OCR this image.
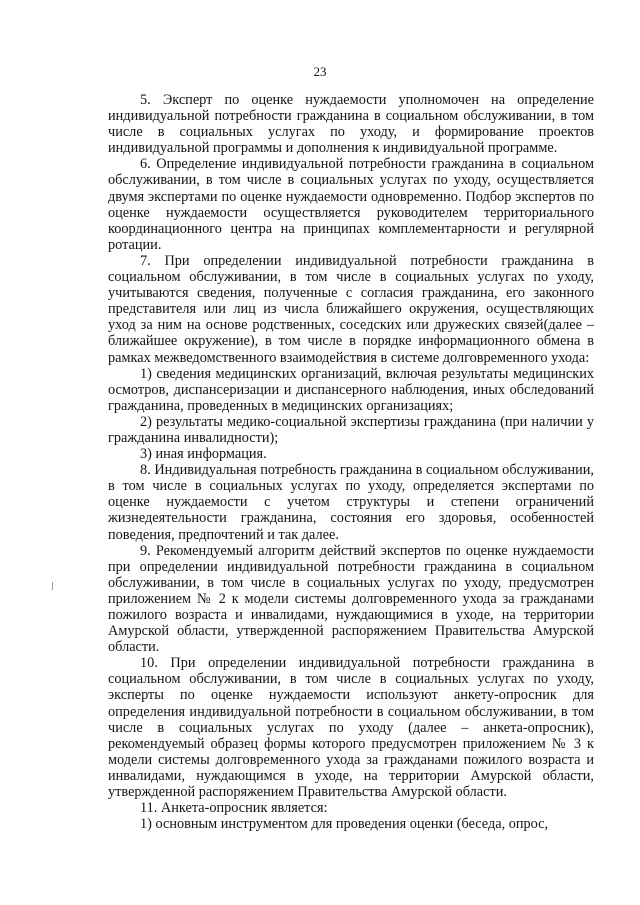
23

5. Эксперт по оценке нуждаемости уполномочен на определение индивидуальной потребности гражданина в социальном обслуживании, в том числе в социальных услугах по уходу, и формирование проектов индивидуальной программы и дополнения к индивидуальной программе.

6. Определение индивидуальной потребности гражданина в социальном обслуживании, в том числе в социальных услугах по уходу, осуществляется двумя экспертами по оценке нуждаемости одновременно. Подбор экспертов по оценке нуждаемости осуществляется руководителем территориального координационного центра на принципах комплементарности и регулярной ротации.

7. При определении индивидуальной потребности гражданина в социальном обслуживании, в том числе в социальных услугах по уходу, учитываются сведения, полученные с согласия гражданина, его законного представителя или лиц из числа ближайшего окружения, осуществляющих уход за ним на основе родственных, соседских или дружеских связей(далее – ближайшее окружение), в том числе в порядке информационного обмена в рамках межведомственного взаимодействия в системе долговременного ухода:

1) сведения медицинских организаций, включая результаты медицинских осмотров, диспансеризации и диспансерного наблюдения, иных обследований гражданина, проведенных в медицинских организациях;

2) результаты медико-социальной экспертизы гражданина (при наличии у гражданина инвалидности);

3) иная информация.

8. Индивидуальная потребность гражданина в социальном обслуживании, в том числе в социальных услугах по уходу, определяется экспертами по оценке нуждаемости с учетом структуры и степени ограничений жизнедеятельности гражданина, состояния его здоровья, особенностей поведения, предпочтений и так далее.

9. Рекомендуемый алгоритм действий экспертов по оценке нуждаемости при определении индивидуальной потребности гражданина в социальном обслуживании, в том числе в социальных услугах по уходу, предусмотрен приложением № 2 к модели системы долговременного ухода за гражданами пожилого возраста и инвалидами, нуждающимися в уходе, на территории Амурской области, утвержденной распоряжением Правительства Амурской области.

10. При определении индивидуальной потребности гражданина в социальном обслуживании, в том числе в социальных услугах по уходу, эксперты по оценке нуждаемости используют анкету-опросник для определения индивидуальной потребности в социальном обслуживании, в том числе в социальных услугах по уходу (далее – анкета-опросник), рекомендуемый образец формы которого предусмотрен приложением № 3 к модели системы долговременного ухода за гражданами пожилого возраста и инвалидами, нуждающимся в уходе, на территории Амурской области, утвержденной распоряжением Правительства Амурской области.

11. Анкета-опросник является:

1) основным инструментом для проведения оценки (беседа, опрос,
